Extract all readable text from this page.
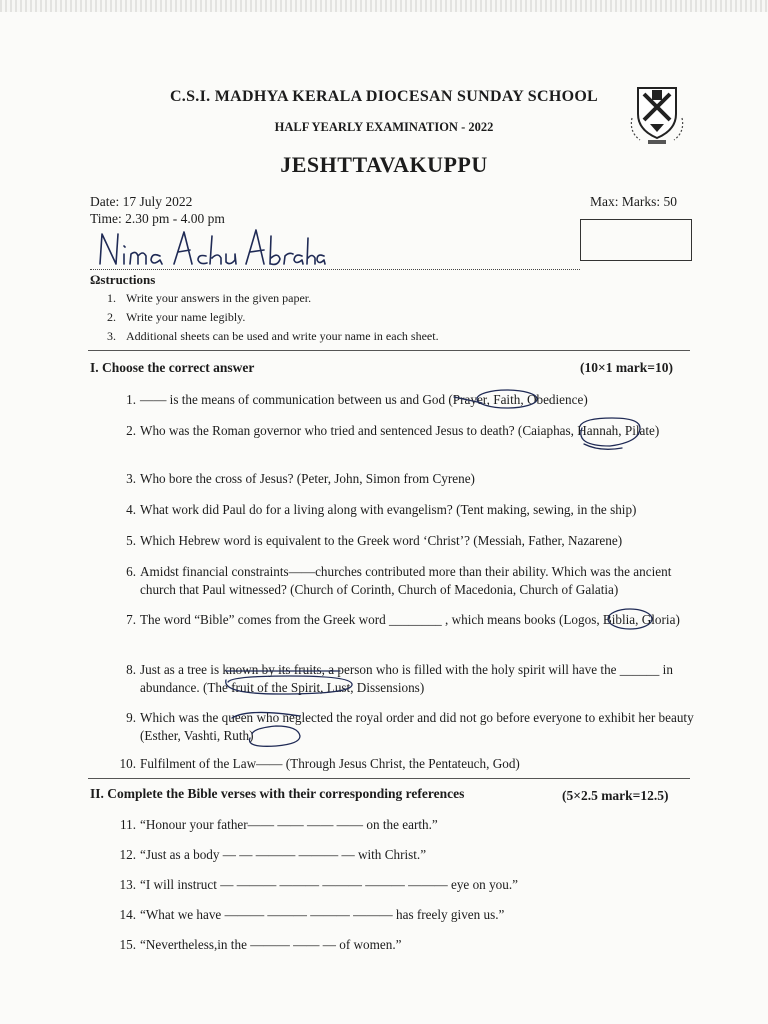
C.S.I. MADHYA KERALA DIOCESAN SUNDAY SCHOOL
HALF YEARLY EXAMINATION - 2022
JESHTTAVAKUPPU
Date: 17 July 2022
Time: 2.30 pm - 4.00 pm
Max: Marks: 50
Ωstructions
1. Write your answers in the given paper.
2. Write your name legibly.
3. Additional sheets can be used and write your name in each sheet.
I. Choose the correct answer	(10×1 mark=10)
1. —— is the means of communication between us and God (Prayer, Faith, Obedience)
2. Who was the Roman governor who tried and sentenced Jesus to death? (Caiaphas, Hannah, Pilate)
3. Who bore the cross of Jesus? (Peter, John, Simon from Cyrene)
4. What work did Paul do for a living along with evangelism? (Tent making, sewing, in the ship)
5. Which Hebrew word is equivalent to the Greek word ‘Christ’? (Messiah, Father, Nazarene)
6. Amidst financial constraints——churches contributed more than their ability. Which was the ancient church that Paul witnessed? (Church of Corinth, Church of Macedonia, Church of Galatia)
7. The word “Bible” comes from the Greek word ________ , which means books (Logos, Biblia, Gloria)
8. Just as a tree is known by its fruits, a person who is filled with the holy spirit will have the ______ in abundance. (The fruit of the Spirit, Lust, Dissensions)
9. Which was the queen who neglected the royal order and did not go before everyone to exhibit her beauty (Esther, Vashti, Ruth)
10. Fulfilment of the Law—— (Through Jesus Christ, the Pentateuch, God)
II. Complete the Bible verses with their corresponding references	(5×2.5 mark=12.5)
11. “Honour your father—— —— —— —— on the earth.”
12. “Just as a body — — ——— ——— — with Christ.”
13. “I will instruct — ——— ——— ——— ——— ——— eye on you.”
14. “What we have ——— ——— ——— ——— has freely given us.”
15. “Nevertheless,in the ——— —— — of women.”
